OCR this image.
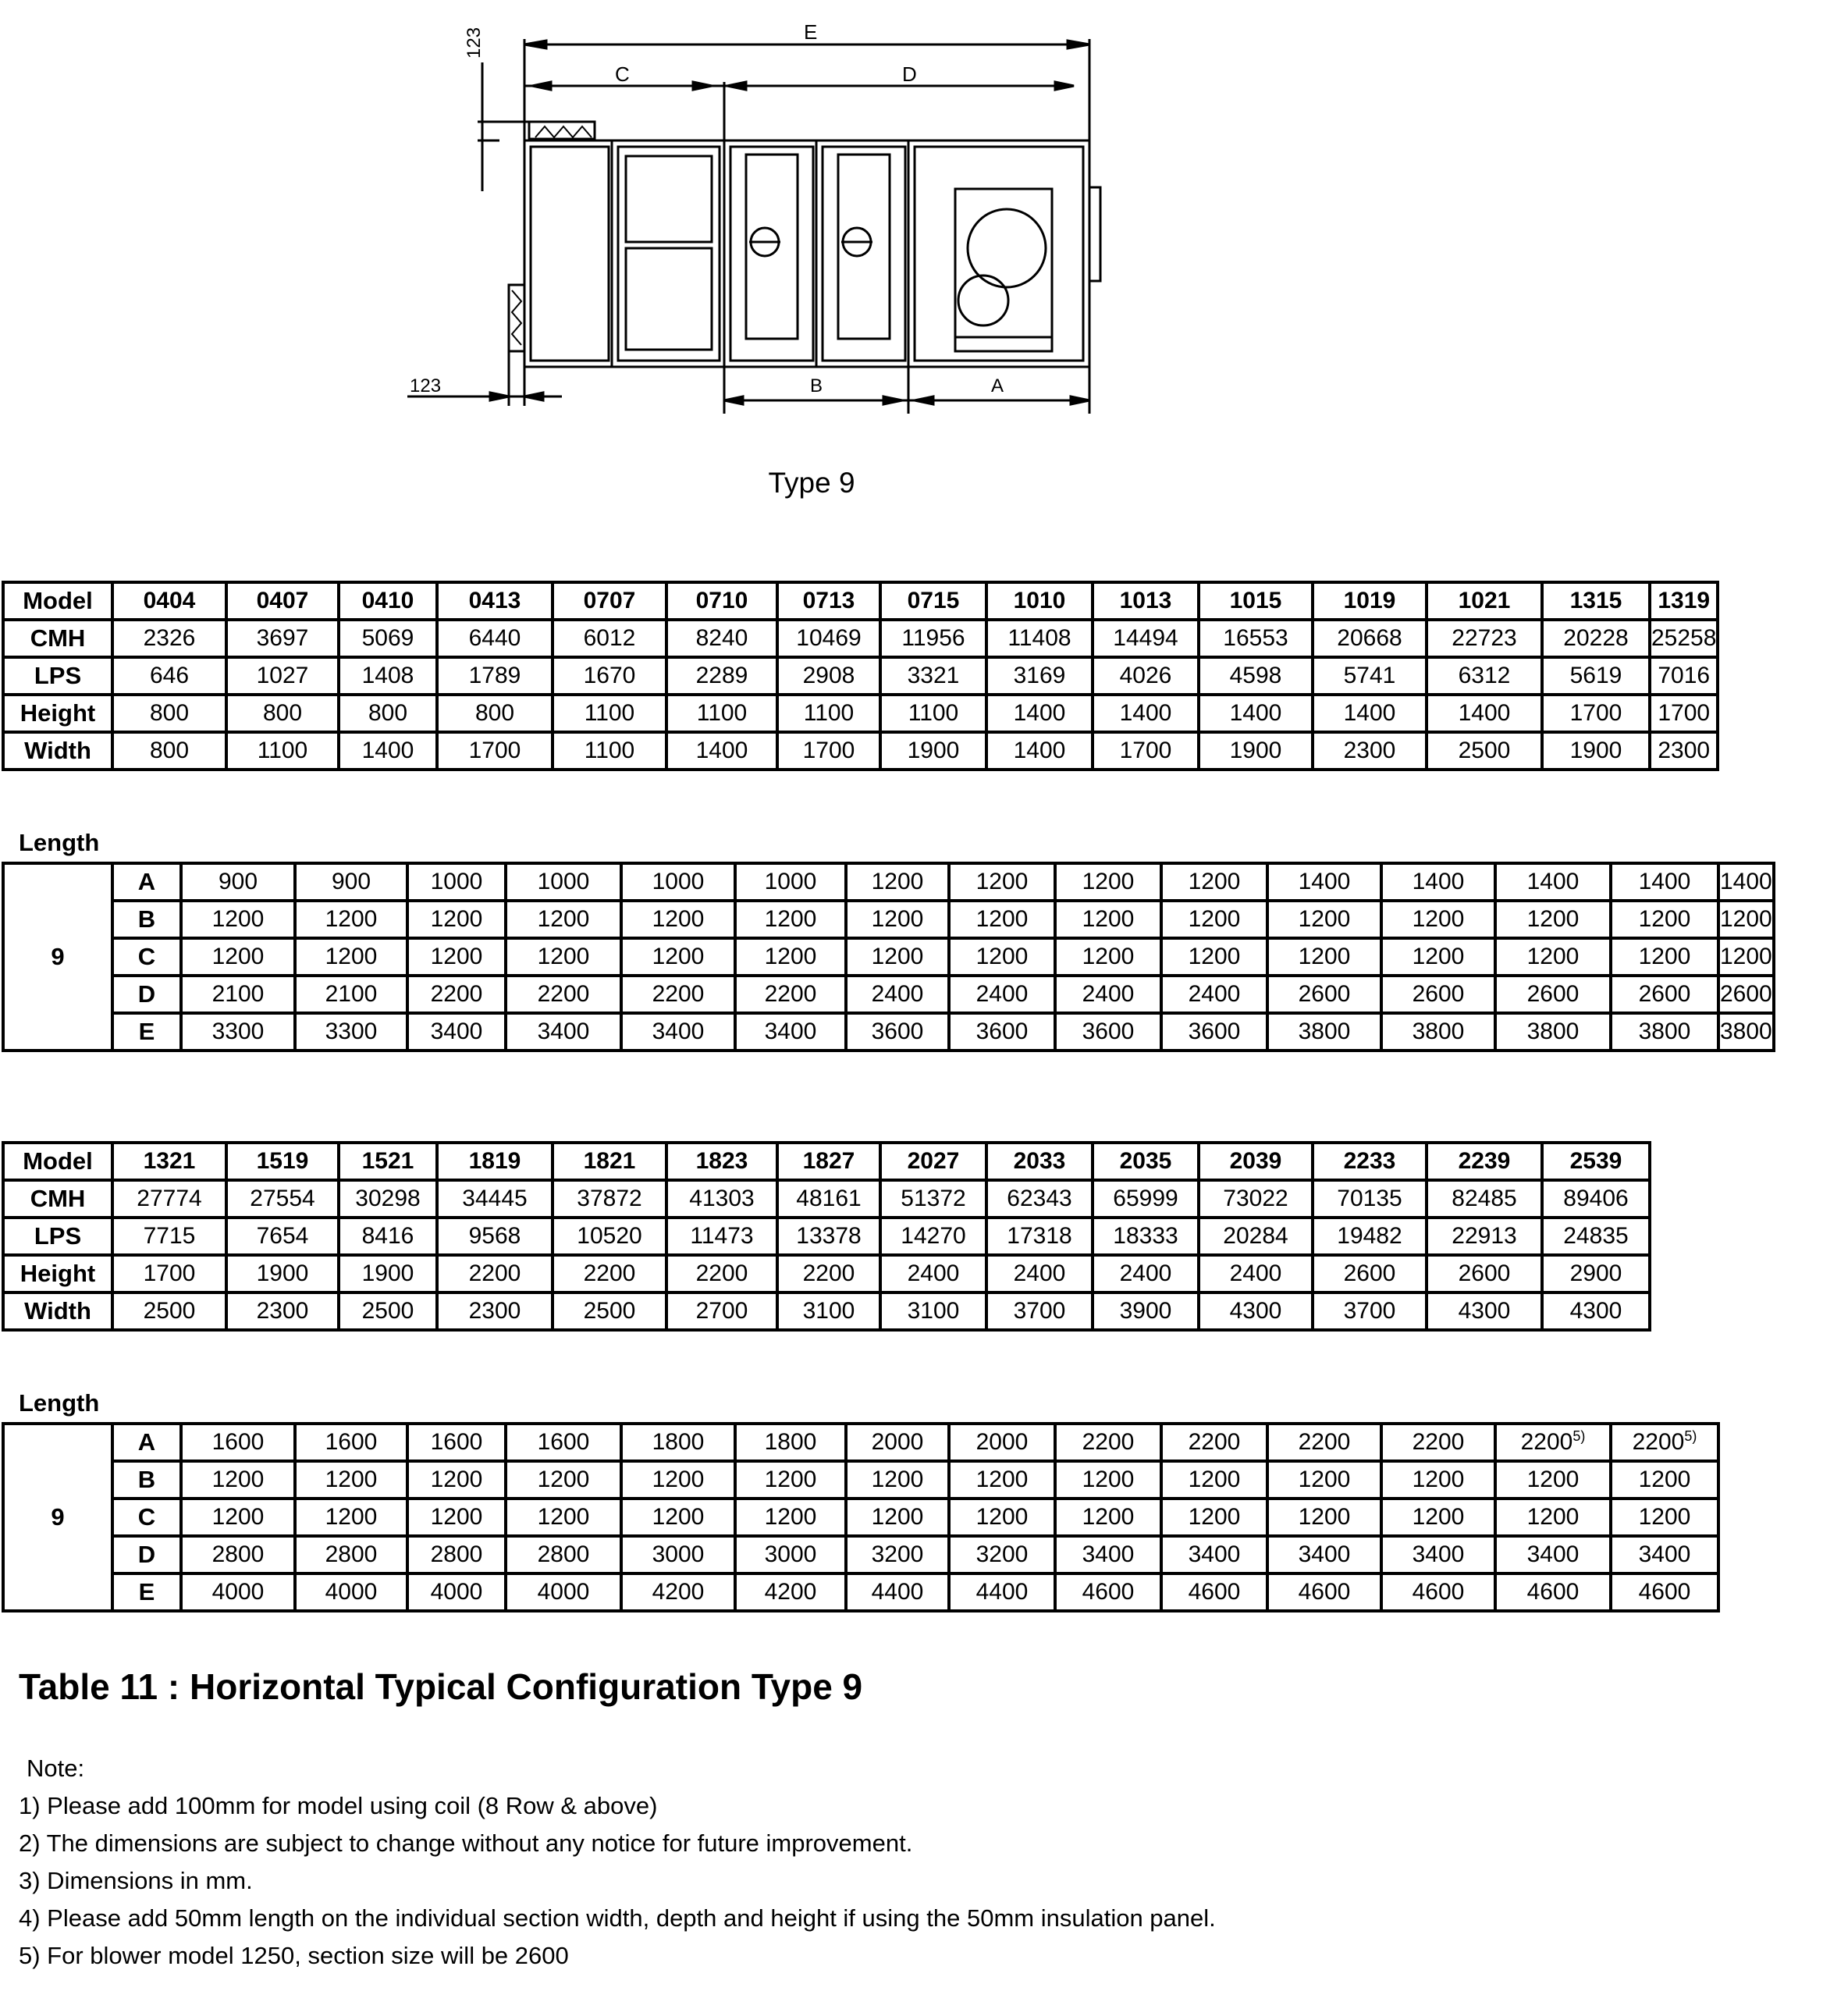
E
C	D
123
123	B	A
Type 9
Model	0404	0407	0410	0413	0707	0710	0713	0715	1010	1013	1015	1019	1021	1315	1319
CMH	2326	3697	5069	6440	6012	8240	10469	11956	11408	14494	16553	20668	22723	20228	25258
LPS	646	1027	1408	1789	1670	2289	2908	3321	3169	4026	4598	5741	6312	5619	7016
Height	800	800	800	800	1100	1100	1100	1100	1400	1400	1400	1400	1400	1700	1700
Width	800	1100	1400	1700	1100	1400	1700	1900	1400	1700	1900	2300	2500	1900	2300
Length
9	A	900	900	1000	1000	1000	1000	1200	1200	1200	1200	1400	1400	1400	1400	1400
	B	1200	1200	1200	1200	1200	1200	1200	1200	1200	1200	1200	1200	1200	1200	1200
	C	1200	1200	1200	1200	1200	1200	1200	1200	1200	1200	1200	1200	1200	1200	1200
	D	2100	2100	2200	2200	2200	2200	2400	2400	2400	2400	2600	2600	2600	2600	2600
	E	3300	3300	3400	3400	3400	3400	3600	3600	3600	3600	3800	3800	3800	3800	3800
Model	1321	1519	1521	1819	1821	1823	1827	2027	2033	2035	2039	2233	2239	2539
CMH	27774	27554	30298	34445	37872	41303	48161	51372	62343	65999	73022	70135	82485	89406
LPS	7715	7654	8416	9568	10520	11473	13378	14270	17318	18333	20284	19482	22913	24835
Height	1700	1900	1900	2200	2200	2200	2200	2400	2400	2400	2400	2600	2600	2900
Width	2500	2300	2500	2300	2500	2700	3100	3100	3700	3900	4300	3700	4300	4300
Length
9	A	1600	1600	1600	1600	1800	1800	2000	2000	2200	2200	2200	2200	2200$^{5)}$	2200$^{5)}$
	B	1200	1200	1200	1200	1200	1200	1200	1200	1200	1200	1200	1200	1200	1200
	C	1200	1200	1200	1200	1200	1200	1200	1200	1200	1200	1200	1200	1200	1200
	D	2800	2800	2800	2800	3000	3000	3200	3200	3400	3400	3400	3400	3400	3400
	E	4000	4000	4000	4000	4200	4200	4400	4400	4600	4600	4600	4600	4600	4600
Table 11 : Horizontal Typical Configuration Type 9
Note:
1) Please add 100mm for model using coil (8 Row & above)
2) The dimensions are subject to change without any notice for future improvement.
3) Dimensions in mm.
4) Please add 50mm length on the individual section width, depth and height if using the 50mm insulation panel.
5) For blower model 1250, section size will be 2600
